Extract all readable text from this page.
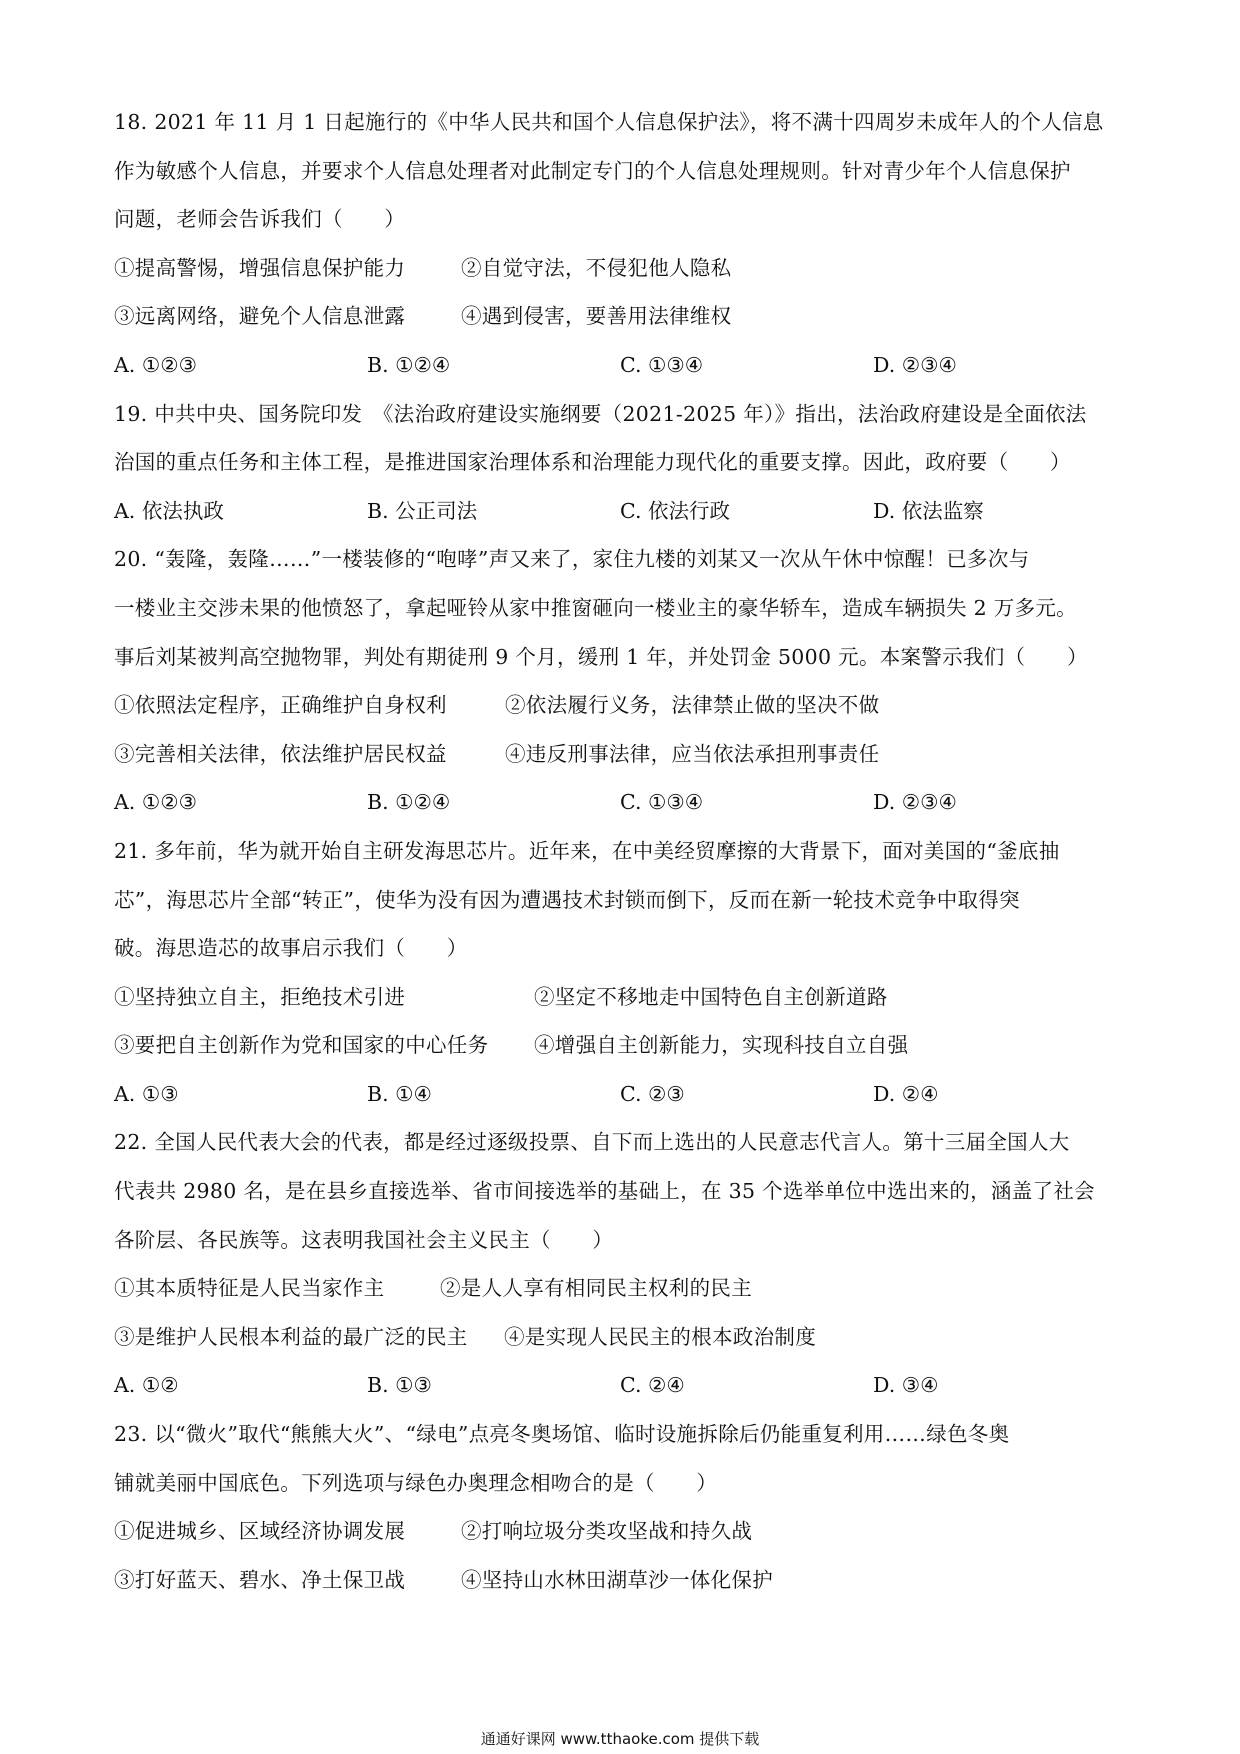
18. 2021 年 11 月 1 日起施行的《中华人民共和国个人信息保护法》，将不满十四周岁未成年人的个人信息
作为敏感个人信息，并要求个人信息处理者对此制定专门的个人信息处理规则。针对青少年个人信息保护
问题，老师会告诉我们（　　）
①提高警惕，增强信息保护能力	②自觉守法，不侵犯他人隐私
③远离网络，避免个人信息泄露	④遇到侵害，要善用法律维权
A. ①②③	B. ①②④	C. ①③④	D. ②③④
19. 中共中央、国务院印发　《法治政府建设实施纲要（2021-2025 年）》指出，法治政府建设是全面依法
治国的重点任务和主体工程，是推进国家治理体系和治理能力现代化的重要支撑。因此，政府要（　　）
A. 依法执政	B. 公正司法	C. 依法行政	D. 依法监察
20. “轰隆，轰隆……”一楼装修的“咆哮”声又来了，家住九楼的刘某又一次从午休中惊醒！已多次与
一楼业主交涉未果的他愤怒了，拿起哑铃从家中推窗砸向一楼业主的豪华轿车，造成车辆损失 2 万多元。
事后刘某被判高空抛物罪，判处有期徒刑 9 个月，缓刑 1 年，并处罚金 5000 元。本案警示我们（　　）
①依照法定程序，正确维护自身权利	②依法履行义务，法律禁止做的坚决不做
③完善相关法律，依法维护居民权益	④违反刑事法律，应当依法承担刑事责任
A. ①②③	B. ①②④	C. ①③④	D. ②③④
21. 多年前，华为就开始自主研发海思芯片。近年来，在中美经贸摩擦的大背景下，面对美国的“釜底抽
芯”，海思芯片全部“转正”，使华为没有因为遭遇技术封锁而倒下，反而在新一轮技术竞争中取得突
破。海思造芯的故事启示我们（　　）
①坚持独立自主，拒绝技术引进	②坚定不移地走中国特色自主创新道路
③要把自主创新作为党和国家的中心任务	④增强自主创新能力，实现科技自立自强
A. ①③	B. ①④	C. ②③	D. ②④
22. 全国人民代表大会的代表，都是经过逐级投票、自下而上选出的人民意志代言人。第十三届全国人大
代表共 2980 名，是在县乡直接选举、省市间接选举的基础上，在 35 个选举单位中选出来的，涵盖了社会
各阶层、各民族等。这表明我国社会主义民主（　　）
①其本质特征是人民当家作主	②是人人享有相同民主权利的民主
③是维护人民根本利益的最广泛的民主	④是实现人民民主的根本政治制度
A. ①②	B. ①③	C. ②④	D. ③④
23. 以“微火”取代“熊熊大火”、“绿电”点亮冬奥场馆、临时设施拆除后仍能重复利用……绿色冬奥
铺就美丽中国底色。下列选项与绿色办奥理念相吻合的是（　　）
①促进城乡、区域经济协调发展	②打响垃圾分类攻坚战和持久战
③打好蓝天、碧水、净土保卫战	④坚持山水林田湖草沙一体化保护
通通好课网 www.tthaoke.com 提供下载
